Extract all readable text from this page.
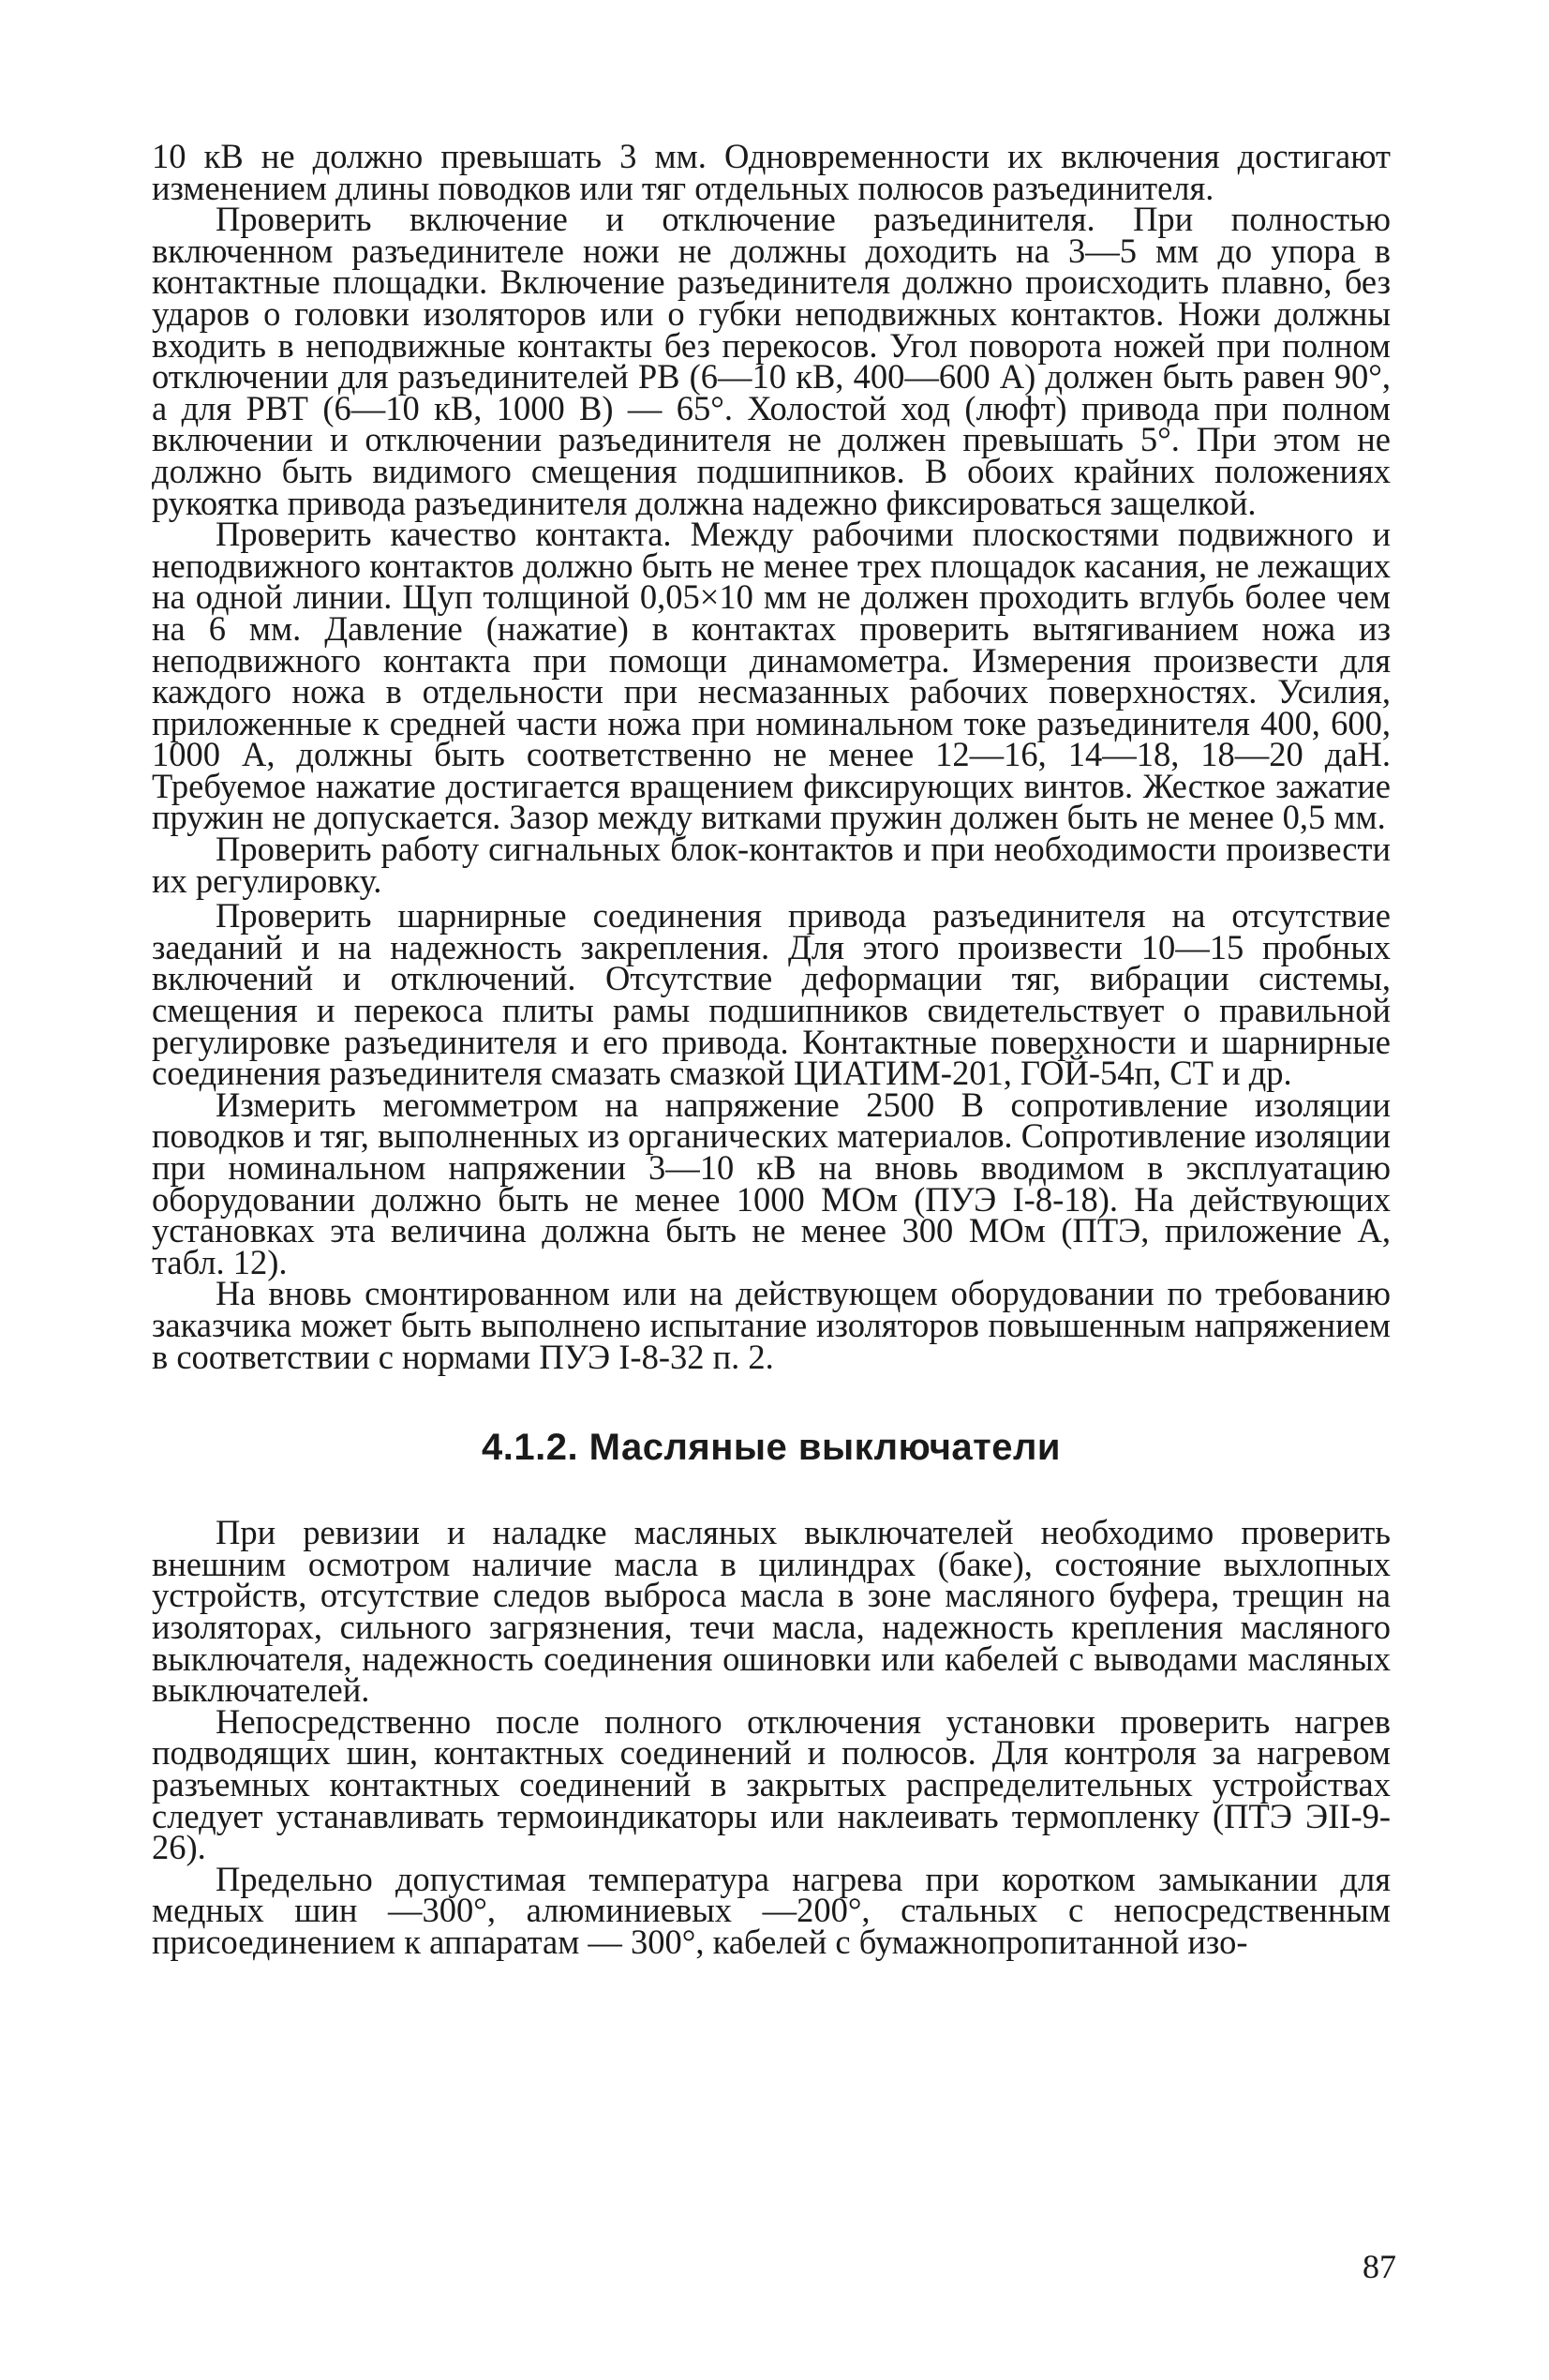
10 кВ не должно превышать 3 мм. Одновременности их включения достигают изменением длины поводков или тяг отдельных полюсов разъединителя.

Проверить включение и отключение разъединителя. При полностью включенном разъединителе ножи не должны доходить на 3—5 мм до упора в контактные площадки. Включение разъединителя должно происходить плавно, без ударов о головки изоляторов или о губки неподвижных контактов. Ножи должны входить в неподвижные контакты без перекосов. Угол поворота ножей при полном отключении для разъединителей РВ (6—10 кВ, 400—600 А) должен быть равен 90°, а для РВТ (6—10 кВ, 1000 В) — 65°. Холостой ход (люфт) привода при полном включении и отключении разъединителя не должен превышать 5°. При этом не должно быть видимого смещения подшипников. В обоих крайних положениях рукоятка привода разъединителя должна надежно фиксироваться защелкой.

Проверить качество контакта. Между рабочими плоскостями подвижного и неподвижного контактов должно быть не менее трех площадок касания, не лежащих на одной линии. Щуп толщиной 0,05×10 мм не должен проходить вглубь более чем на 6 мм. Давление (нажатие) в контактах проверить вытягиванием ножа из неподвижного контакта при помощи динамометра. Измерения произвести для каждого ножа в отдельности при несмазанных рабочих поверхностях. Усилия, приложенные к средней части ножа при номинальном токе разъединителя 400, 600, 1000 А, должны быть соответственно не менее 12—16, 14—18, 18—20 даН. Требуемое нажатие достигается вращением фиксирующих винтов. Жесткое зажатие пружин не допускается. Зазор между витками пружин должен быть не менее 0,5 мм.

Проверить работу сигнальных блок-контактов и при необходимости произвести их регулировку.

Проверить шарнирные соединения привода разъединителя на отсутствие заеданий и на надежность закрепления. Для этого произвести 10—15 пробных включений и отключений. Отсутствие деформации тяг, вибрации системы, смещения и перекоса плиты рамы подшипников свидетельствует о правильной регулировке разъединителя и его привода. Контактные поверхности и шарнирные соединения разъединителя смазать смазкой ЦИАТИМ-201, ГОЙ-54п, СТ и др.

Измерить мегомметром на напряжение 2500 В сопротивление изоляции поводков и тяг, выполненных из органических материалов. Сопротивление изоляции при номинальном напряжении 3—10 кВ на вновь вводимом в эксплуатацию оборудовании должно быть не менее 1000 МОм (ПУЭ I-8-18). На действующих установках эта величина должна быть не менее 300 МОм (ПТЭ, приложение А, табл. 12).

На вновь смонтированном или на действующем оборудовании по требованию заказчика может быть выполнено испытание изоляторов повышенным напряжением в соответствии с нормами ПУЭ I-8-32 п. 2.

4.1.2. Масляные выключатели

При ревизии и наладке масляных выключателей необходимо проверить внешним осмотром наличие масла в цилиндрах (баке), состояние выхлопных устройств, отсутствие следов выброса масла в зоне масляного буфера, трещин на изоляторах, сильного загрязнения, течи масла, надежность крепления масляного выключателя, надежность соединения ошиновки или кабелей с выводами масляных выключателей.

Непосредственно после полного отключения установки проверить нагрев подводящих шин, контактных соединений и полюсов. Для контроля за нагревом разъемных контактных соединений в закрытых распределительных устройствах следует устанавливать термоиндикаторы или наклеивать термопленку (ПТЭ ЭII-9-26).

Предельно допустимая температура нагрева при коротком замыкании для медных шин —300°, алюминиевых —200°, стальных с непосредственным присоединением к аппаратам — 300°, кабелей с бумажнопропитанной изо-

87
